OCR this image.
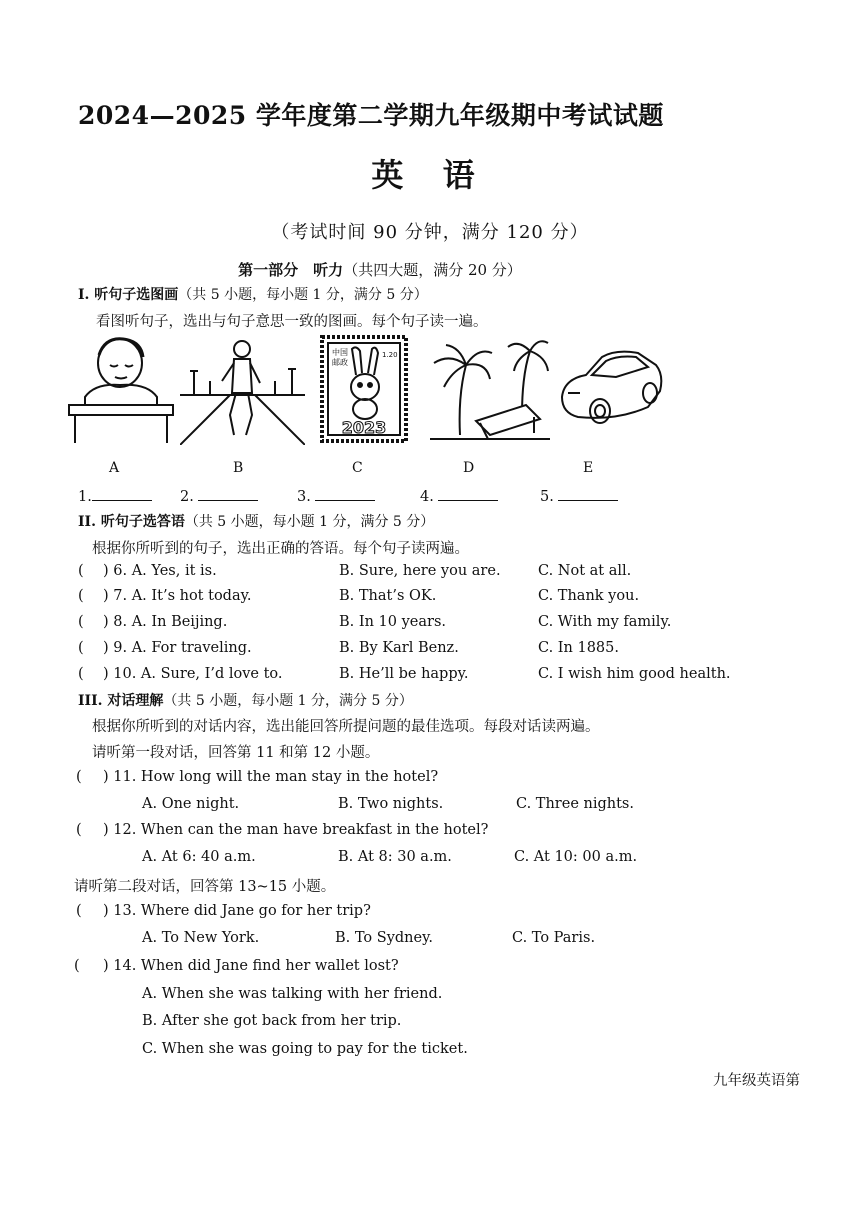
2024—2025 学年度第二学期九年级期中考试试题
英 语
（考试时间 90 分钟，满分 120 分）
第一部分　听力（共四大题，满分 20 分）
Ⅰ. 听句子选图画（共 5 小题，每小题 1 分，满分 5 分）
看图听句子，选出与句子意思一致的图画。每个句子读一遍。
中国
邮政
1.20
2023
A	B	C	D	E
1.	2.	3.	4.	5.
II. 听句子选答语（共 5 小题，每小题 1 分，满分 5 分）
根据你所听到的句子，选出正确的答语。每个句子读两遍。
( ) 6. A. Yes, it is.	B. Sure, here you are.	C. Not at all.
( ) 7. A. It’s hot today.	B. That’s OK.	C. Thank you.
( ) 8. A. In Beijing.	B. In 10 years.	C. With my family.
( ) 9. A. For traveling.	B. By Karl Benz.	C. In 1885.
( ) 10. A. Sure, I’d love to.	B. He’ll be happy.	C. I wish him good health.
III. 对话理解（共 5 小题，每小题 1 分，满分 5 分）
根据你所听到的对话内容，选出能回答所提问题的最佳选项。每段对话读两遍。
请听第一段对话，回答第 11 和第 12 小题。
( ) 11. How long will the man stay in the hotel?
A. One night.	B. Two nights.	C. Three nights.
( ) 12. When can the man have breakfast in the hotel?
A. At 6: 40 a.m.	B. At 8: 30 a.m.	C. At 10: 00 a.m.
请听第二段对话，回答第 13~15 小题。
( ) 13. Where did Jane go for her trip?
A. To New York.	B. To Sydney.	C. To Paris.
( ) 14. When did Jane find her wallet lost?
A. When she was talking with her friend.
B. After she got back from her trip.
C. When she was going to pay for the ticket.
九年级英语第
